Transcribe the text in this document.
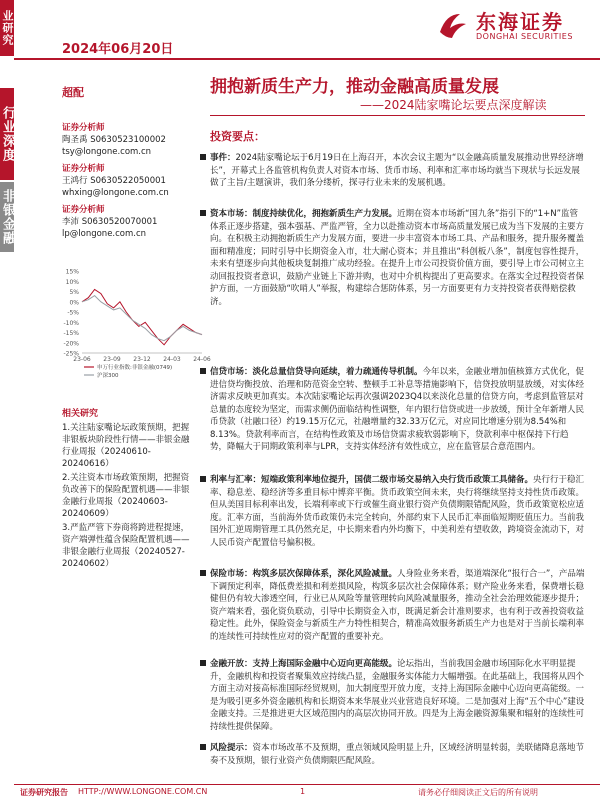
业研究
行业深度
非银金融
2024年06月20日
东海证券
DONGHAI SECURITIES
超配	拥抱新质生产力，推动金融高质量发展
——2024陆家嘴论坛要点深度解读
证券分析师
陶圣禹 S0630523100002
tsy@longone.com.cn
证券分析师
王鸿行 S0630522050001
whxing@longone.com.cn
证券分析师
李沛 S0630520070001
lp@longone.com.cn
15%
10%
5%
0%
-5%
-10%
-15%
-20%
-25%
23-06 23-09 23-12 24-03 24-06
申万行业指数:非银金融(0749)
沪深300
相关研究
1.关注陆家嘴论坛政策预期，把握非银板块阶段性行情——非银金融行业周报（20240610-20240616）
2.关注资本市场政策预期，把握资负改善下的保险配置机遇——非银金融行业周报（20240603-20240609）
3.严监严管下券商将跨进程提速，资产端弹性蕴含保险配置机遇——非银金融行业周报（20240527-20240602）
投资要点：
事件：2024陆家嘴论坛于6月19日在上海召开，本次会议主题为“以金融高质量发展推动世界经济增长”，开幕式上各监管机构负责人对资本市场、货币市场、利率和汇率市场均就当下现状与长远发展做了主旨/主题演讲，我们条分缕析，探寻行业未来的发展机遇。
资本市场：制度持续优化，拥抱新质生产力发展。近期在资本市场新“国九条”指引下的“1+N”监管体系正逐步搭建，强本强基、严监严管，全力以赴推动资本市场高质量发展已成为当下发展的主要方向。在积极主动拥抱新质生产力发展方面，要进一步丰富资本市场工具、产品和服务，提升服务覆盖面和精准度；同时引导中长期资金入市，壮大耐心资本；并且推出“科创板八条”，制度包容性提升，未来有望逐步向其他板块复制推广成功经验。在提升上市公司投资价值方面，要引导上市公司树立主动回报投资者意识，鼓励产业链上下游并购，也对中介机构提出了更高要求。在落实全过程投资者保护方面，一方面鼓励“吹哨人”举报，构建综合惩防体系，另一方面要更有力支持投资者获得赔偿救济。
信贷市场：淡化总量信贷导向延续，着力疏通传导机制。今年以来，金融业增加值核算方式优化，促进信贷均衡投放、治理和防范资金空转、整顿手工补息等措施影响下，信贷投放明显放缓，对实体经济需求反映更加真实。本次陆家嘴论坛再次强调2023Q4以来淡化总量的信贷方向，考虑到监管层对总量的态度较为坚定，而需求侧仍面临结构性调整，年内银行信贷或进一步放缓，预计全年新增人民币贷款（社融口径）约19.15万亿元，社融增量约32.33万亿元，对应同比增速分别为8.54%和8.13%。贷款利率而言，在结构性政策及市场信贷需求疲软弱影响下，贷款利率中枢保持下行趋势，降幅大于同期政策利率与LPR，支持实体经济有效性成立，应在监管层合意范围内。
利率与汇率：短端政策利率地位提升，国债二级市场交易纳入央行货币政策工具储备。央行行于稳汇率、稳息差、稳经济等多重目标中博弈平衡。货币政策空间未来，央行将继续坚持支持性货币政策。但从美国目标利率出发，长端利率或下行或催生商业银行资产负债期限错配风险，货币政策宽松应适度。汇率方面，当前海外货币政策仍未完全转向，外部约束下人民币汇率面临短期贬值压力。当前我国外汇逆周期管理工具仍然充足，中长期来看内外均衡下，中美利差有望收敛，跨境资金流动下，对人民币资产配置信号偏积极。
保险市场：构筑多层次保障体系，深化风险减量。人身险业务来看，渠道端深化“报行合一”，产品端下调预定利率，降低费差损和利差损风险，构筑多层次社会保障体系；财产险业务来看，保费增长稳健但仍有较大渗透空间，行业已从风险等量管理转向风险减量服务，推动全社会治理效能逐步提升；资产端来看，强化资负联动，引导中长期资金入市，既满足新会计准则要求，也有利于改善投资收益稳定性。此外，保险资金与新质生产力特性相契合，精准高效服务新质生产力也是对于当前长端利率的连续性可持续性应对的资产配置的重要补充。
金融开放：支持上海国际金融中心迈向更高能级。论坛指出，当前我国金融市场国际化水平明显提升，金融机构和投资者聚集效应持续凸显，金融服务实体能力大幅增强。在此基础上，我国将从四个方面主动对接高标准国际经贸规则，加大制度型开放力度，支持上海国际金融中心迈向更高能级。一是为吸引更多外资金融机构和长期资本来华展业兴业营造良好环境。二是加强对上海“五个中心”建设金融支持。三是推进更大区域范围内的高层次协同开放。四是为上海金融资源集聚和辐射的连续性可持续性提供保障。
风险提示：资本市场改革不及预期，重点领域风险明显上升，区域经济明显转弱，美联储降息落地节奏不及预期，银行业资产负债期限匹配风险。
证券研究报告 HTTP://WWW.LONGONE.COM.CN	1	请务必仔细阅读正文后的所有说明
